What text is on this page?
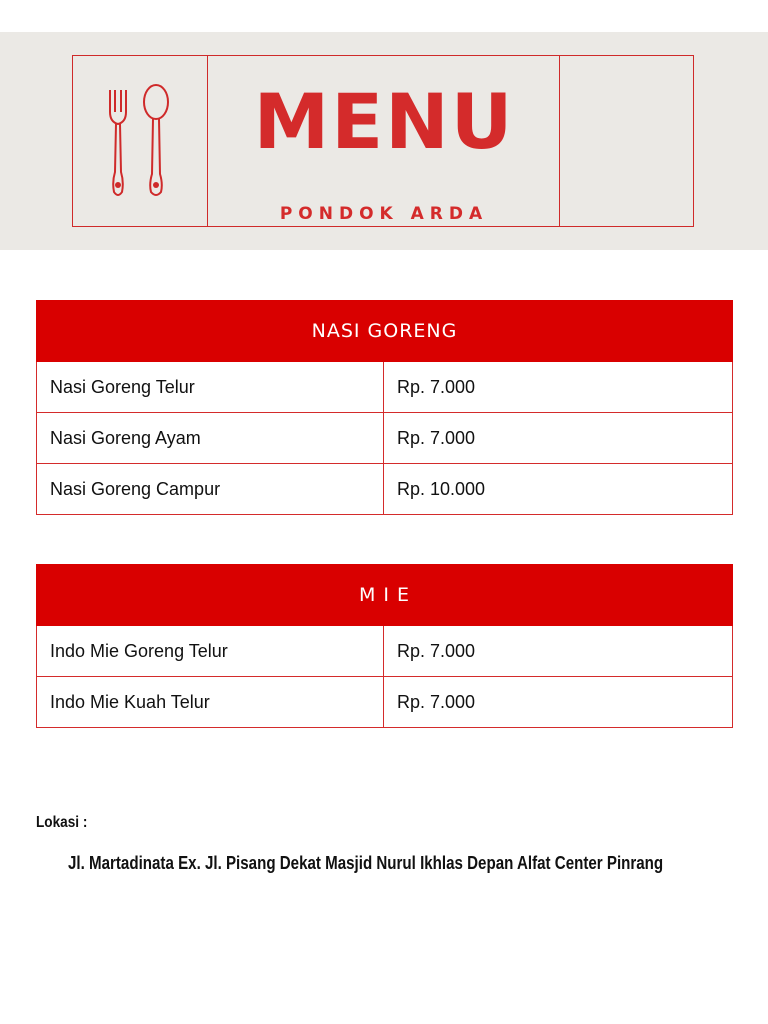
MENU
PONDOK ARDA
NASI GORENG	
Nasi Goreng Telur	Rp. 7.000
Nasi Goreng Ayam	Rp. 7.000
Nasi Goreng Campur	Rp. 10.000
M I E	
Indo Mie Goreng Telur	Rp. 7.000
Indo Mie Kuah Telur	Rp. 7.000
Lokasi :
Jl. Martadinata Ex. Jl. Pisang Dekat Masjid Nurul Ikhlas Depan Alfat Center Pinrang
